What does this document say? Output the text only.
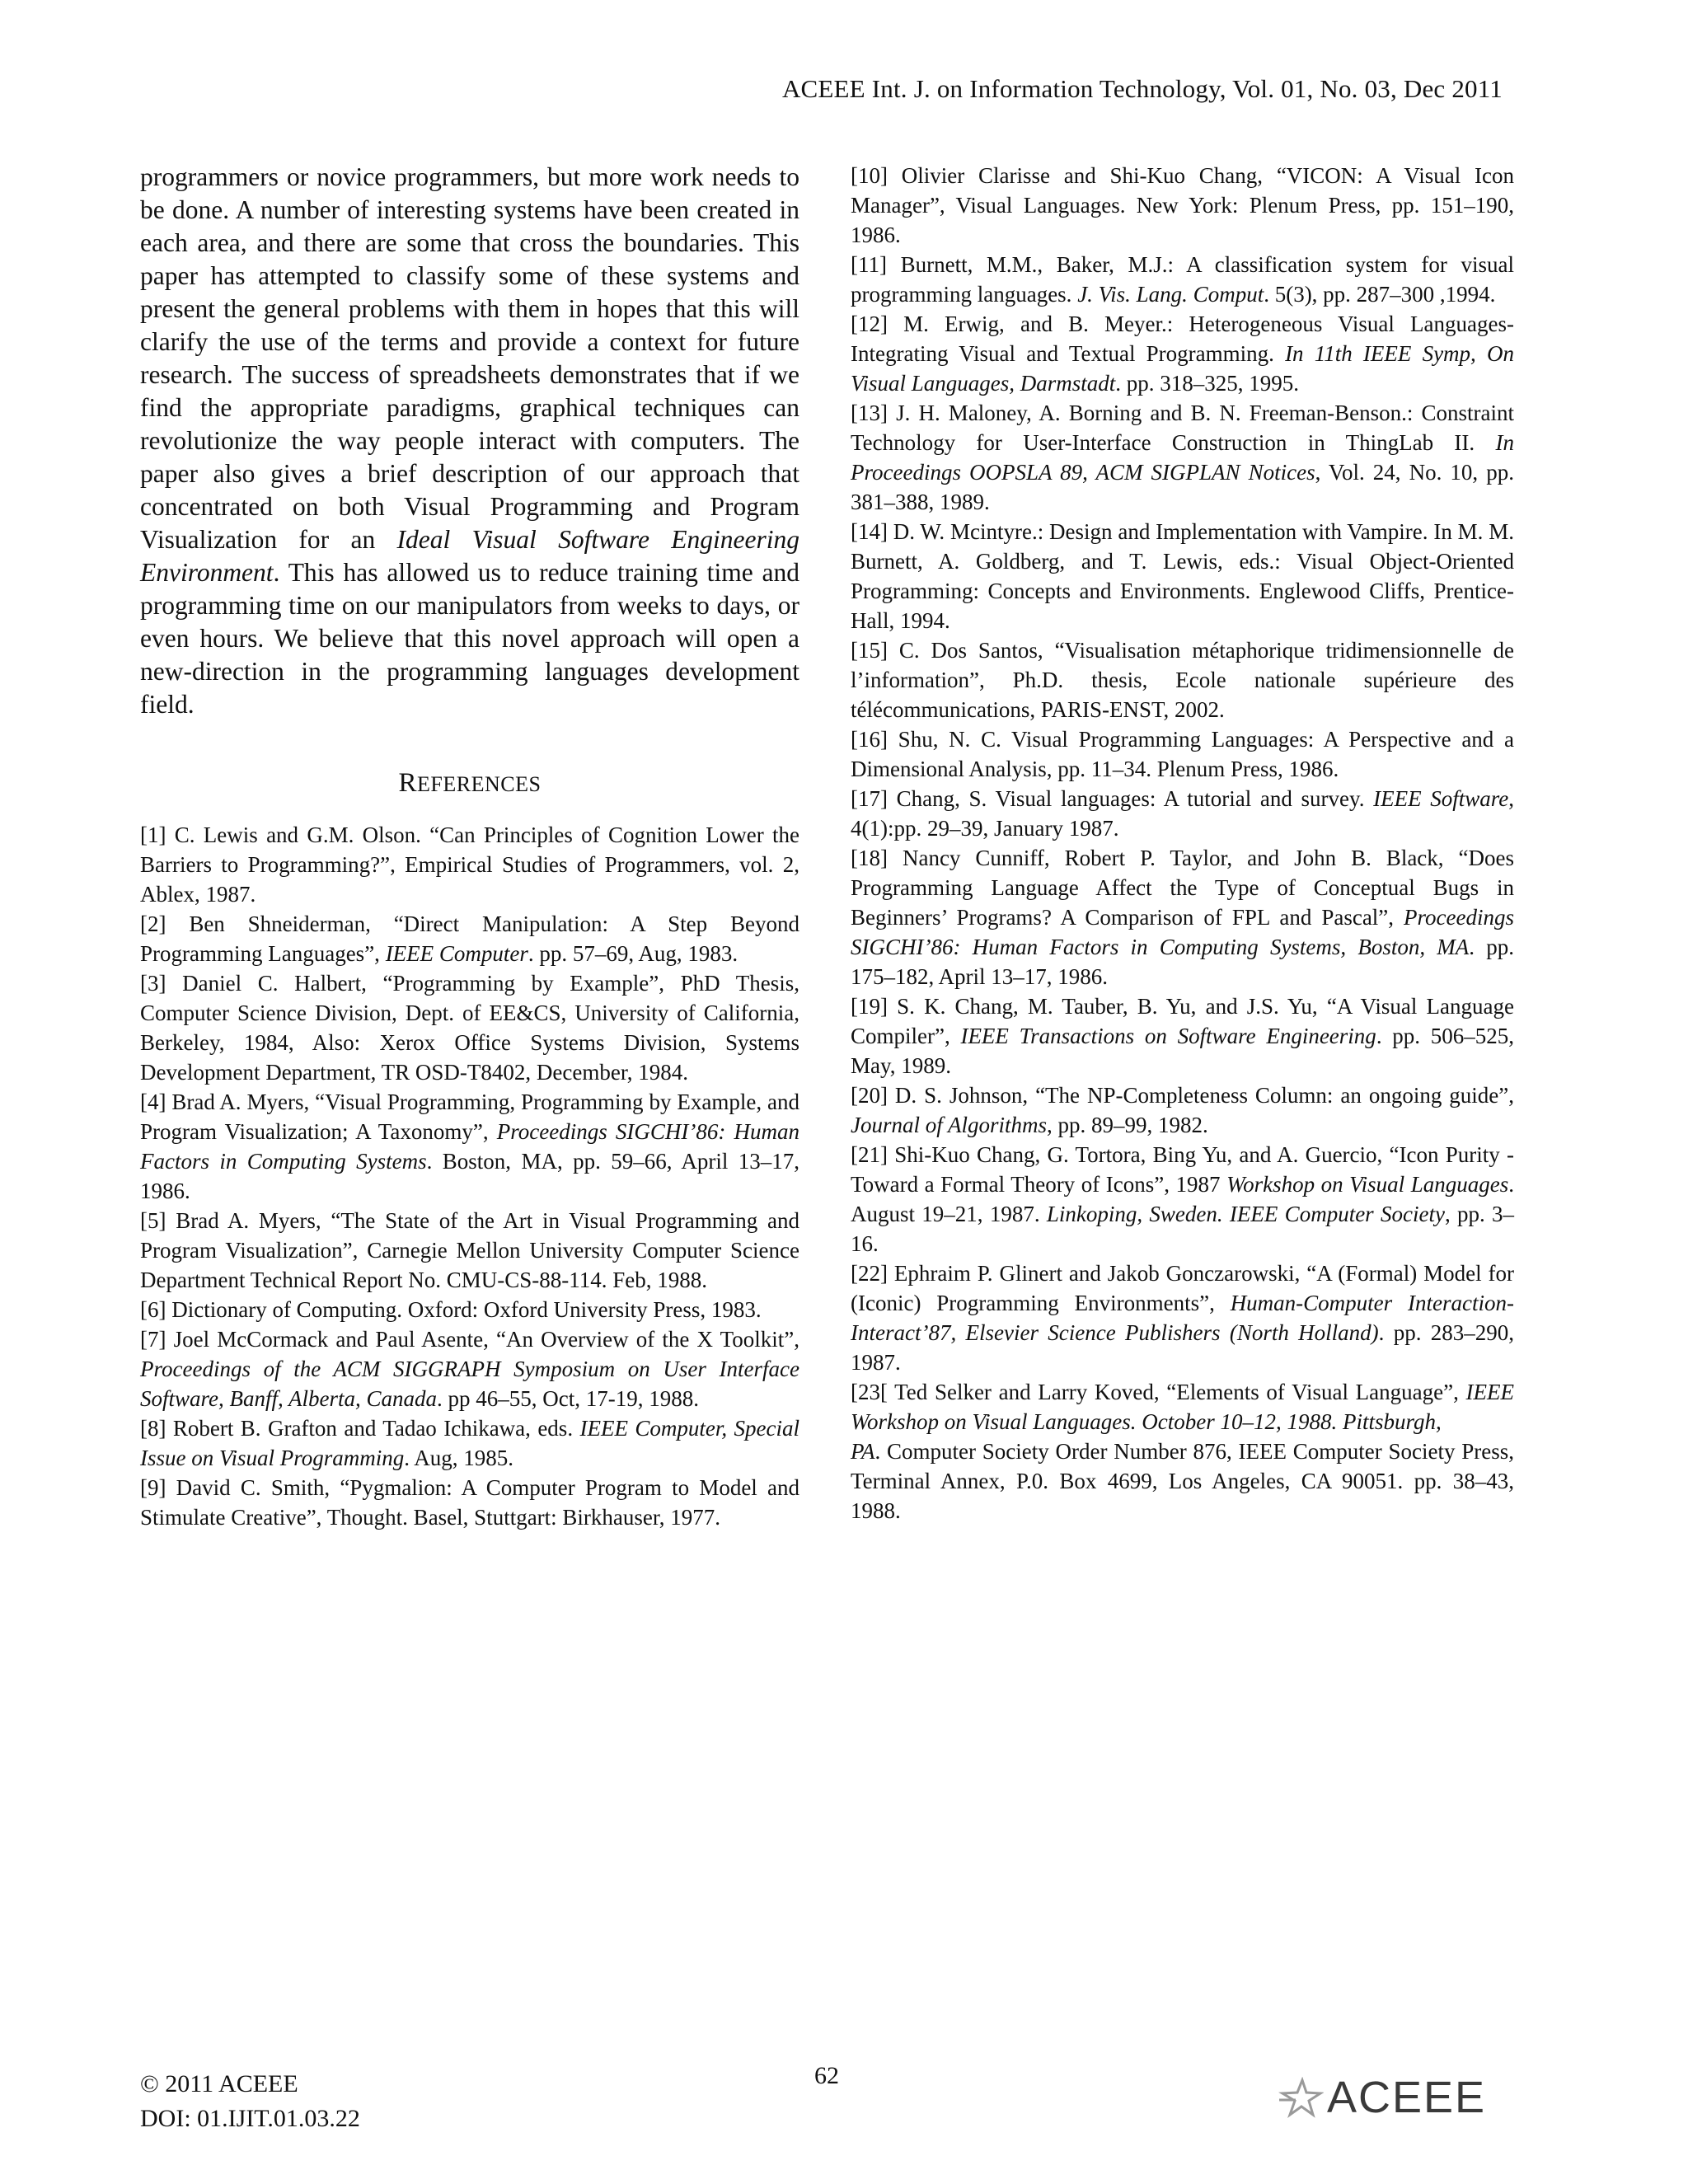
ACEEE Int. J. on Information Technology, Vol. 01, No. 03, Dec 2011

programmers or novice programmers, but more work needs to be done. A number of interesting systems have been created in each area, and there are some that cross the boundaries. This paper has attempted to classify some of these systems and present the general problems with them in hopes that this will clarify the use of the terms and provide a context for future research. The success of spreadsheets demonstrates that if we find the appropriate paradigms, graphical techniques can revolutionize the way people interact with computers. The paper also gives a brief description of our approach that concentrated on both Visual Programming and Program Visualization for an Ideal Visual Software Engineering Environment. This has allowed us to reduce training time and programming time on our manipulators from weeks to days, or even hours. We believe that this novel approach will open a new-direction in the programming languages development field.

REFERENCES
[1] C. Lewis and G.M. Olson. “Can Principles of Cognition Lower the Barriers to Programming?”, Empirical Studies of Programmers, vol. 2, Ablex, 1987.
[2] Ben Shneiderman, “Direct Manipulation: A Step Beyond Programming Languages”, IEEE Computer. pp. 57–69, Aug, 1983.
[3] Daniel C. Halbert, “Programming by Example”, PhD Thesis, Computer Science Division, Dept. of EE&CS, University of California, Berkeley, 1984, Also: Xerox Office Systems Division, Systems Development Department, TR OSD-T8402, December, 1984.
[4] Brad A. Myers, “Visual Programming, Programming by Example, and Program Visualization; A Taxonomy”, Proceedings SIGCHI’86: Human Factors in Computing Systems. Boston, MA, pp. 59–66, April 13–17, 1986.
[5] Brad A. Myers, “The State of the Art in Visual Programming and Program Visualization”, Carnegie Mellon University Computer Science Department Technical Report No. CMU-CS-88-114. Feb, 1988.
[6] Dictionary of Computing. Oxford: Oxford University Press, 1983.
[7] Joel McCormack and Paul Asente, “An Overview of the X Toolkit”, Proceedings of the ACM SIGGRAPH Symposium on User Interface Software, Banff, Alberta, Canada. pp 46–55, Oct, 17-19, 1988.
[8] Robert B. Grafton and Tadao Ichikawa, eds. IEEE Computer, Special Issue on Visual Programming. Aug, 1985.
[9] David C. Smith, “Pygmalion: A Computer Program to Model and Stimulate Creative”, Thought. Basel, Stuttgart: Birkhauser, 1977.
[10] Olivier Clarisse and Shi-Kuo Chang, “VICON: A Visual Icon Manager”, Visual Languages. New York: Plenum Press, pp. 151–190, 1986.
[11] Burnett, M.M., Baker, M.J.: A classification system for visual programming languages. J. Vis. Lang. Comput. 5(3), pp. 287–300 ,1994.
[12] M. Erwig, and B. Meyer.: Heterogeneous Visual Languages-Integrating Visual and Textual Programming. In 11th IEEE Symp, On Visual Languages, Darmstadt. pp. 318–325, 1995.
[13] J. H. Maloney, A. Borning and B. N. Freeman-Benson.: Constraint Technology for User-Interface Construction in ThingLab II. In Proceedings OOPSLA 89, ACM SIGPLAN Notices, Vol. 24, No. 10, pp. 381–388, 1989.
[14] D. W. Mcintyre.: Design and Implementation with Vampire. In M. M. Burnett, A. Goldberg, and T. Lewis, eds.: Visual Object-Oriented Programming: Concepts and Environments. Englewood Cliffs, Prentice-Hall, 1994.
[15] C. Dos Santos, “Visualisation métaphorique tridimensionnelle de l’information”, Ph.D. thesis, Ecole nationale supérieure des télécommunications, PARIS-ENST, 2002.
[16] Shu, N. C. Visual Programming Languages: A Perspective and a Dimensional Analysis, pp. 11–34. Plenum Press, 1986.
[17] Chang, S. Visual languages: A tutorial and survey. IEEE Software, 4(1):pp. 29–39, January 1987.
[18] Nancy Cunniff, Robert P. Taylor, and John B. Black, “Does Programming Language Affect the Type of Conceptual Bugs in Beginners’ Programs? A Comparison of FPL and Pascal”, Proceedings SIGCHI’86: Human Factors in Computing Systems, Boston, MA. pp. 175–182, April 13–17, 1986.
[19] S. K. Chang, M. Tauber, B. Yu, and J.S. Yu, “A Visual Language Compiler”, IEEE Transactions on Software Engineering. pp. 506–525, May, 1989.
[20] D. S. Johnson, “The NP-Completeness Column: an ongoing guide”, Journal of Algorithms, pp. 89–99, 1982.
[21] Shi-Kuo Chang, G. Tortora, Bing Yu, and A. Guercio, “Icon Purity - Toward a Formal Theory of Icons”, 1987 Workshop on Visual Languages. August 19–21, 1987. Linkoping, Sweden. IEEE Computer Society, pp. 3–16.
[22] Ephraim P. Glinert and Jakob Gonczarowski, “A (Formal) Model for (Iconic) Programming Environments”, Human-Computer Interaction-Interact’87, Elsevier Science Publishers (North Holland). pp. 283–290, 1987.
[23[ Ted Selker and Larry Koved, “Elements of Visual Language”, IEEE Workshop on Visual Languages. October 10–12, 1988. Pittsburgh,
PA. Computer Society Order Number 876, IEEE Computer Society Press, Terminal Annex, P.0. Box 4699, Los Angeles, CA 90051. pp. 38–43, 1988.
© 2011 ACEEE
DOI: 01.IJIT.01.03.22
62	ACEEE
